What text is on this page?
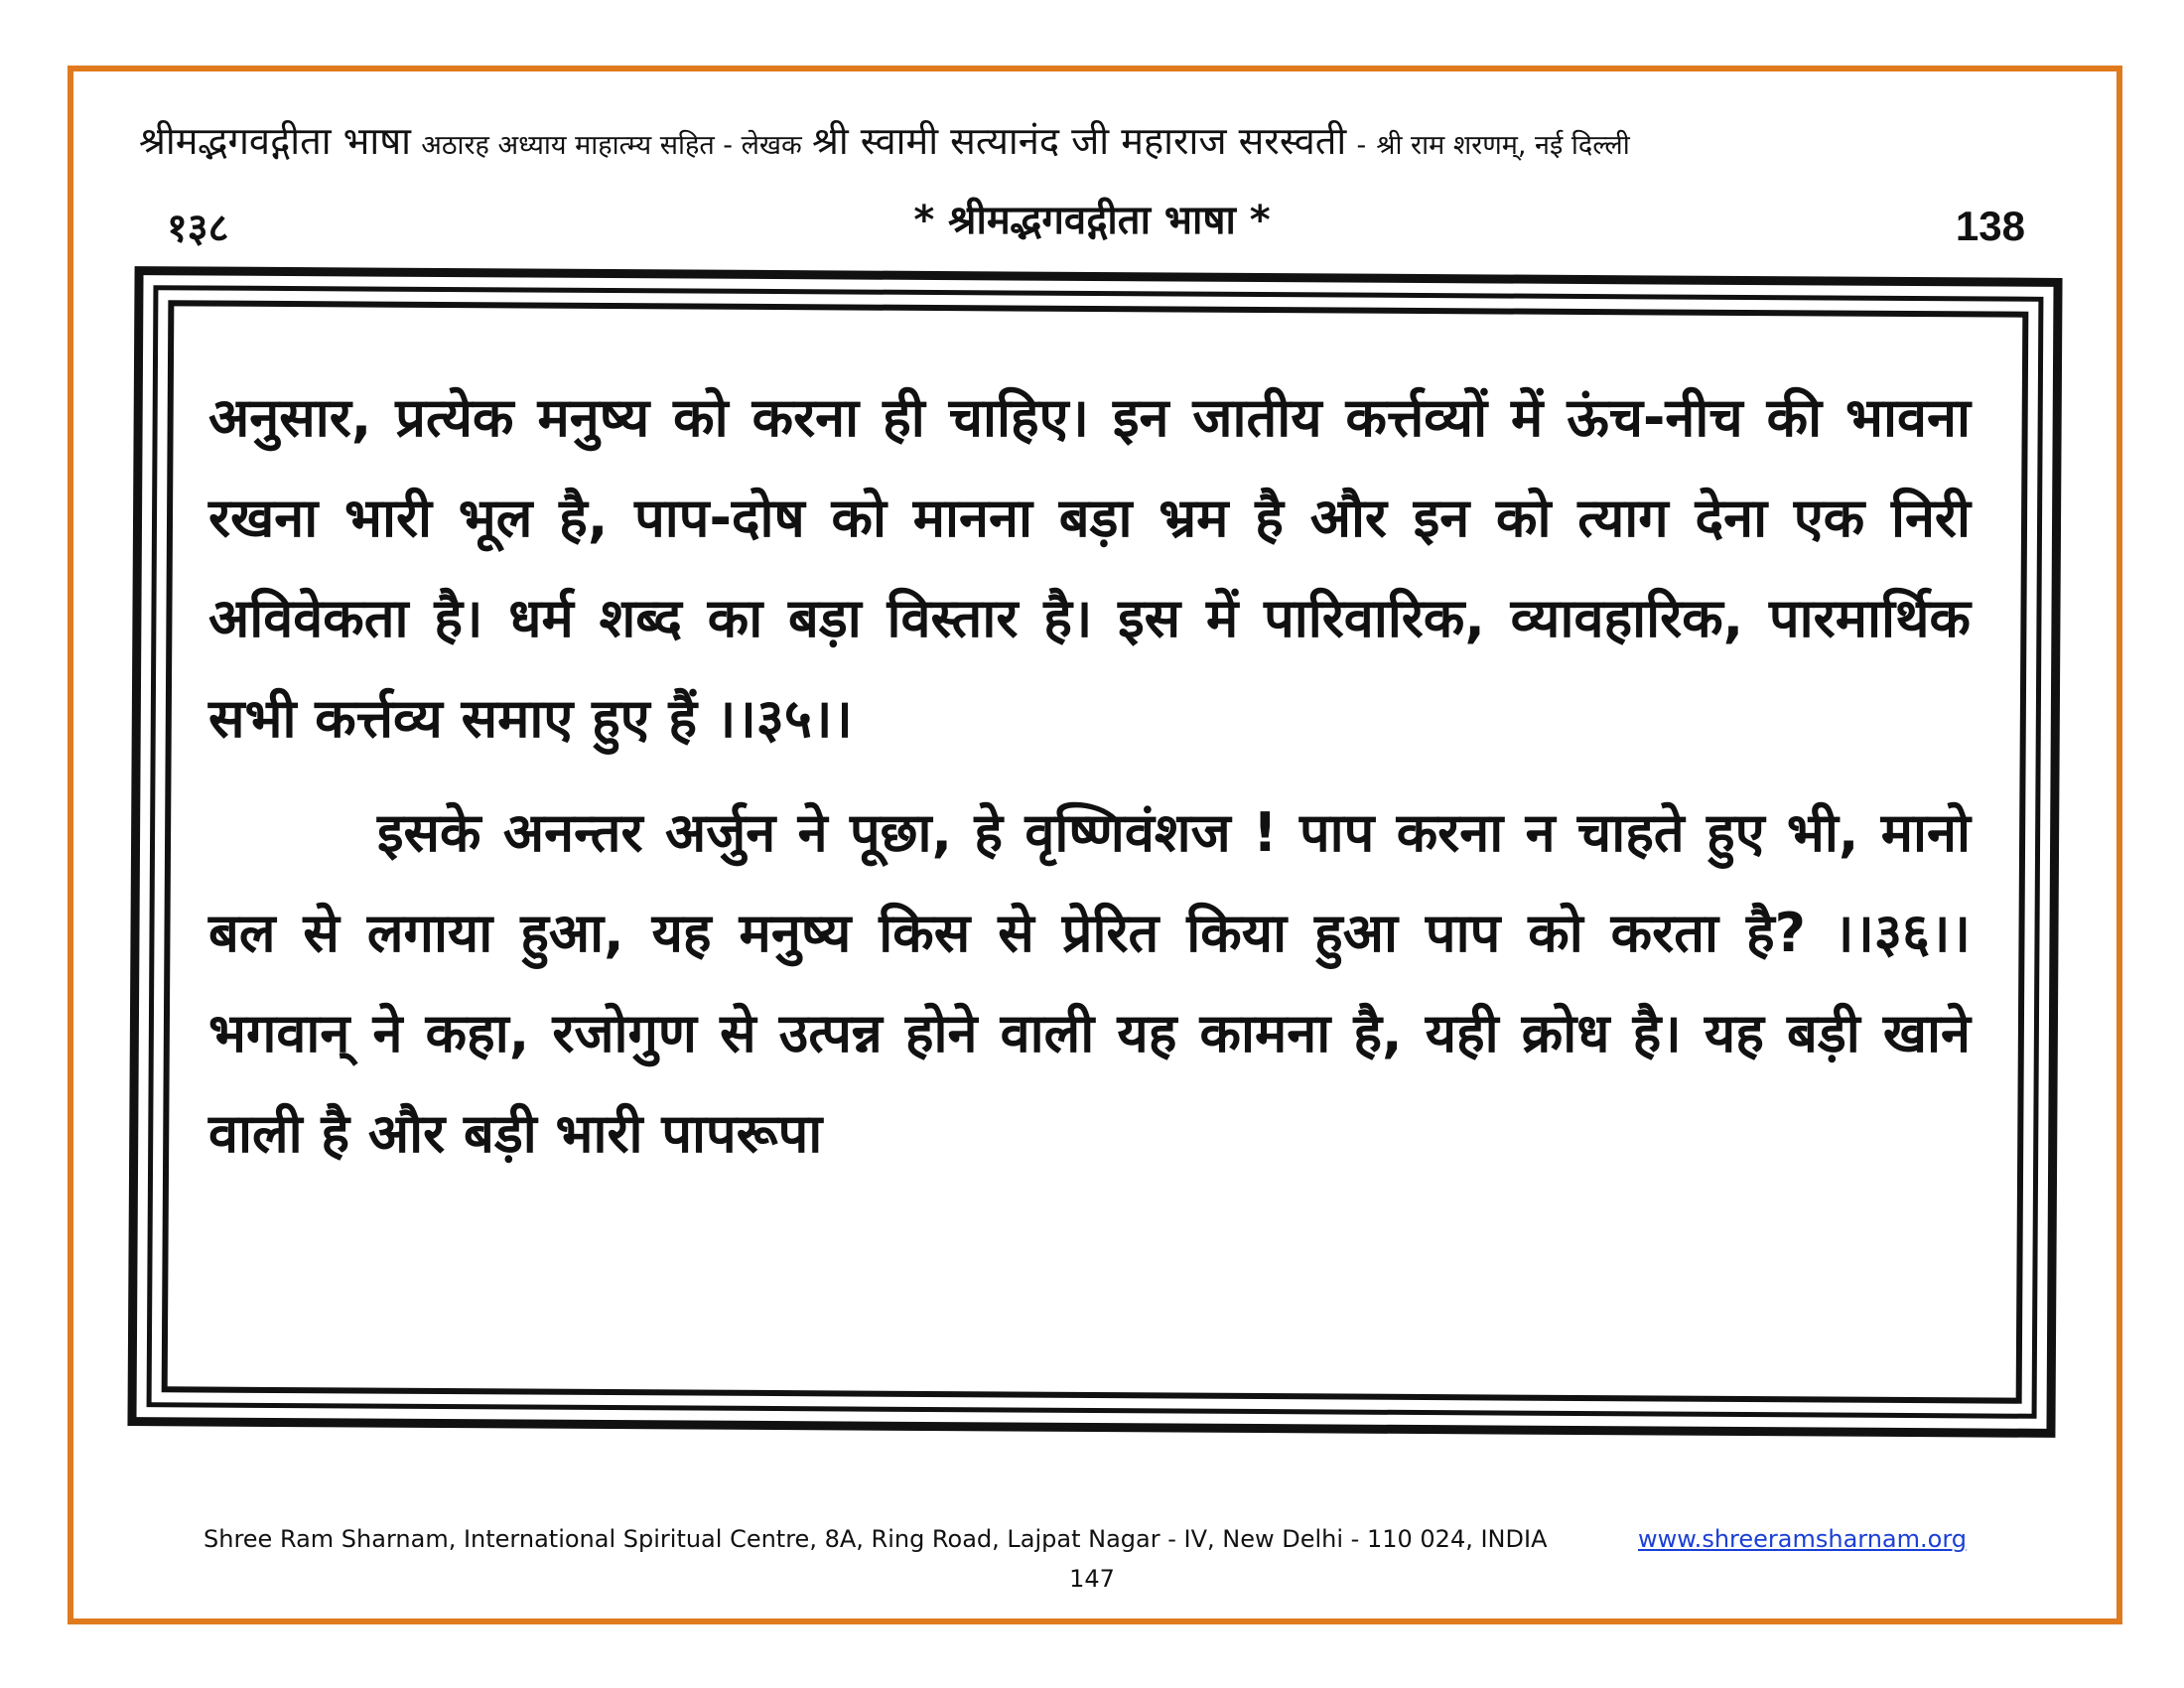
श्रीमद्भगवद्गीता भाषा अठारह अध्याय माहात्म्य सहित - लेखक श्री स्वामी सत्यानंद जी महाराज सरस्वती - श्री राम शरणम्, नई दिल्ली
१३८	* श्रीमद्भगवद्गीता भाषा *	138

अनुसार, प्रत्येक मनुष्य को करना ही चाहिए। इन जातीय कर्त्तव्यों में ऊंच-नीच की भावना रखना भारी भूल है, पाप-दोष को मानना बड़ा भ्रम है और इन को त्याग देना एक निरी अविवेकता है। धर्म शब्द का बड़ा विस्तार है। इस में पारिवारिक, व्यावहारिक, पारमार्थिक सभी कर्त्तव्य समाए हुए हैं ।।३५।।

इसके अनन्तर अर्जुन ने पूछा, हे वृष्णिवंशज ! पाप करना न चाहते हुए भी, मानो बल से लगाया हुआ, यह मनुष्य किस से प्रेरित किया हुआ पाप को करता है? ।।३६।। भगवान् ने कहा, रजोगुण से उत्पन्न होने वाली यह कामना है, यही क्रोध है। यह बड़ी खाने वाली है और बड़ी भारी पापरूपा

Shree Ram Sharnam, International Spiritual Centre, 8A, Ring Road, Lajpat Nagar - IV, New Delhi - 110 024, INDIA	www.shreeramsharnam.org
147
